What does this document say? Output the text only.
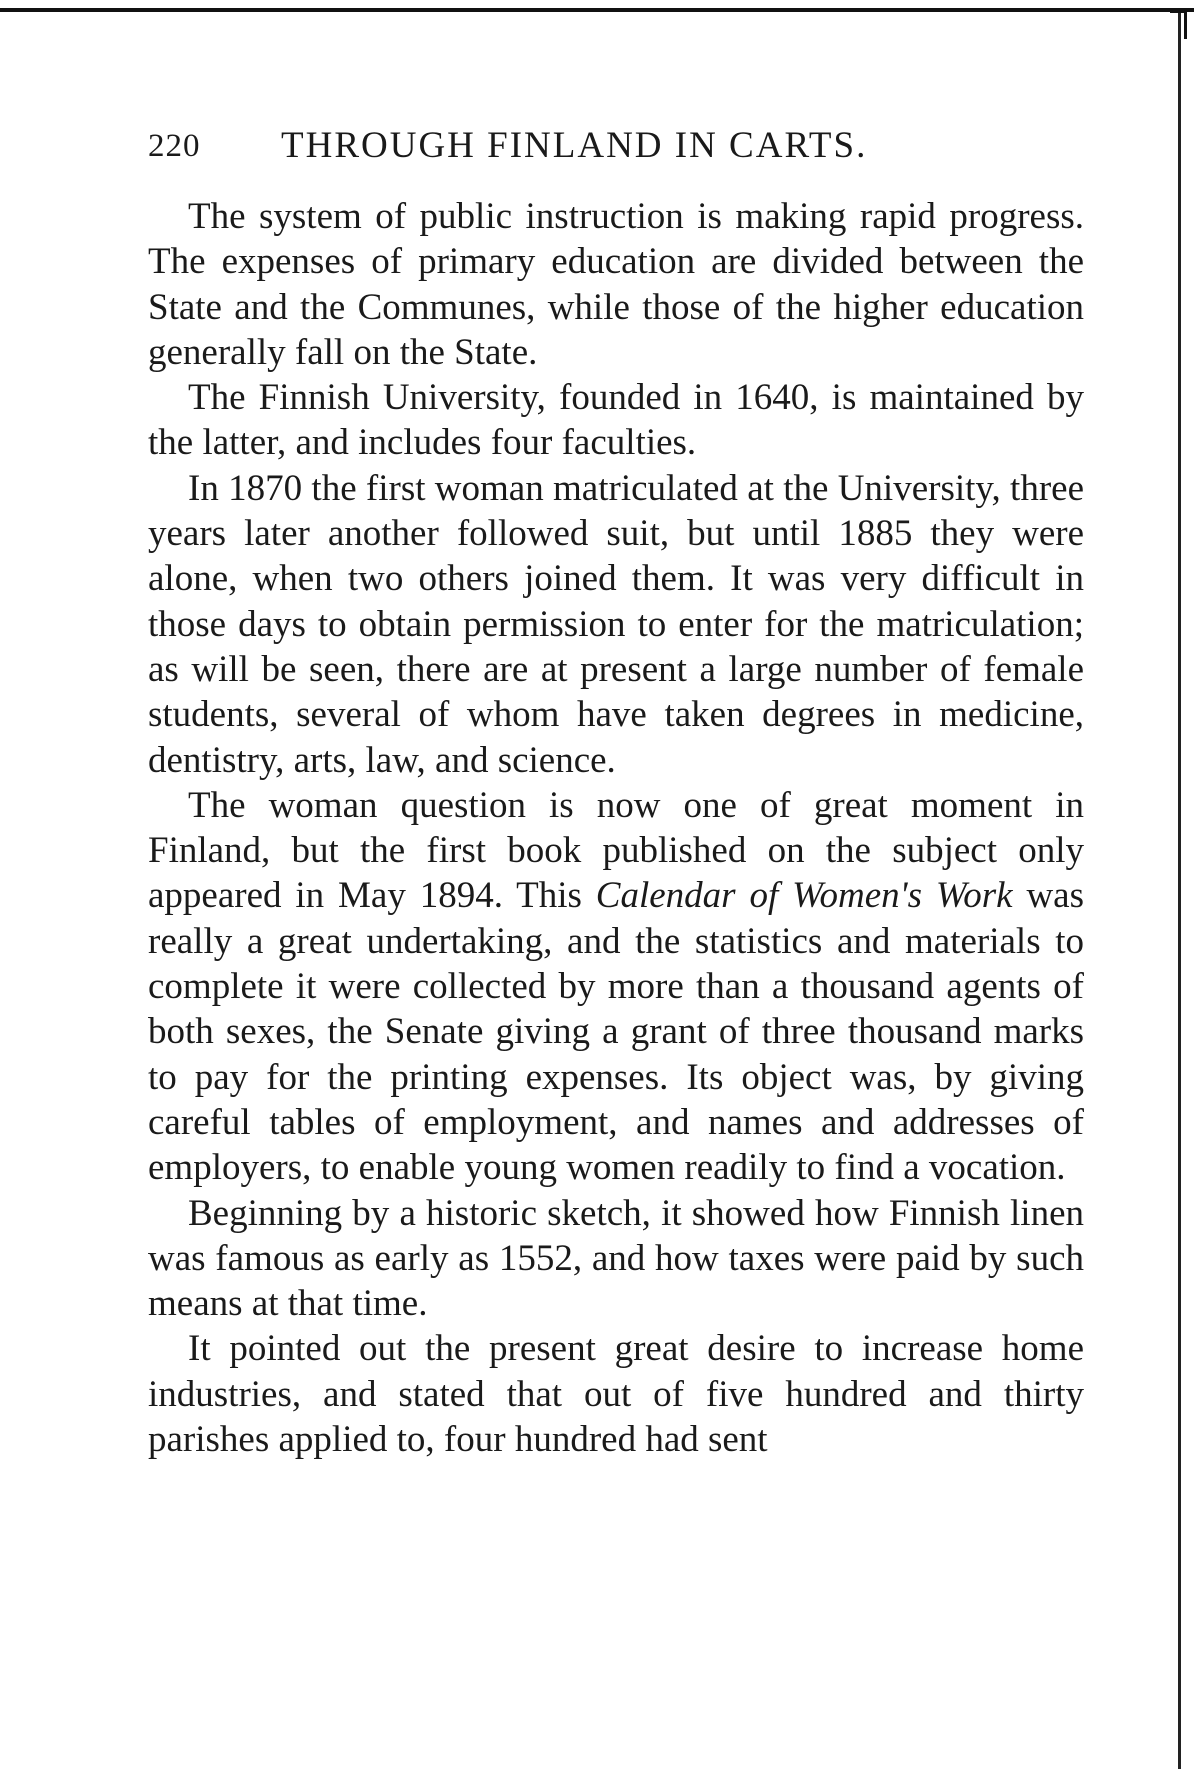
220 THROUGH FINLAND IN CARTS.

The system of public instruction is making rapid progress. The expenses of primary education are divided between the State and the Communes, while those of the higher education generally fall on the State.

The Finnish University, founded in 1640, is maintained by the latter, and includes four faculties.

In 1870 the first woman matriculated at the University, three years later another followed suit, but until 1885 they were alone, when two others joined them. It was very difficult in those days to obtain permission to enter for the matriculation; as will be seen, there are at present a large number of female students, several of whom have taken degrees in medicine, dentistry, arts, law, and science.

The woman question is now one of great moment in Finland, but the first book published on the subject only appeared in May 1894. This Calendar of Women's Work was really a great undertaking, and the statistics and materials to complete it were collected by more than a thousand agents of both sexes, the Senate giving a grant of three thousand marks to pay for the printing expenses. Its object was, by giving careful tables of employment, and names and addresses of employers, to enable young women readily to find a vocation.

Beginning by a historic sketch, it showed how Finnish linen was famous as early as 1552, and how taxes were paid by such means at that time.

It pointed out the present great desire to increase home industries, and stated that out of five hundred and thirty parishes applied to, four hundred had sent
